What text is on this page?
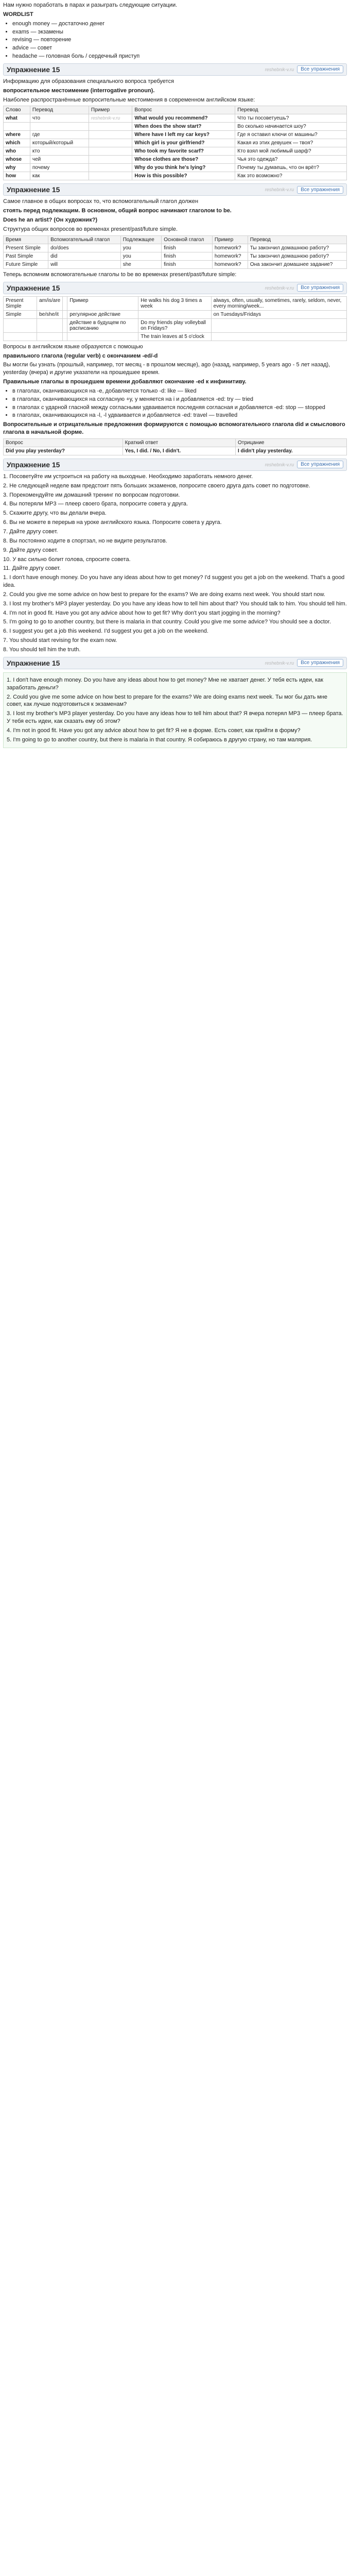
Нам нужно поработать в парах и разыграть следующие ситуации.

WORDLIST

• enough money — достаточно денег
• exams — экзамены
• revising — повторение
• advice — совет
• headache — головная боль / сердечный приступ
Упражнение 15	reshebnik-v.ru	Все упражнения

Информацию для образования специального вопроса требуется

вопросительное местоимение (interrogative pronoun).

Наиболее распространённые вопросительные местоимения в современном английском языке:

Слово	Перевод	Пример	Вопрос	Перевод
what	что	reshebnik-v.ru	What would you recommend?	Что ты посоветуешь?
			When does the show start?	Во сколько начинается шоу?
where	где		Where have I left my car keys?	Где я оставил ключи от машины?
which	который/который		Which girl is your girlfriend?	Какая из этих девушек — твоя?
who	кто		Who took my favorite scarf?	Кто взял мой любимый шарф?
whose	чей		Whose clothes are those?	Чья это одежда?
why	почему		Why do you think he's lying?	Почему ты думаешь, что он врёт?
how	как		How is this possible?	Как это возможно?
Упражнение 15	reshebnik-v.ru	Все упражнения

Самое главное в общих вопросах то, что вспомогательный глагол должен

стоять перед подлежащим. В основном, общий вопрос начинают глаголом to be.

Does he an artist? (Он художник?)

Структура общих вопросов во временах present/past/future simple.

Время	Вспомогательный глагол	Подлежащее	Основной глагол	Пример	Перевод
Present Simple	do/does	you	finish	homework?	Ты закончил домашнюю работу?
Past Simple	did	you	finish	homework?	Ты закончил домашнюю работу?
Future Simple	will	she	finish	homework?	Она закончит домашнее задание?

Теперь вспомним вспомогательные глаголы to be во временах present/past/future simple:

Упражнение 15	reshebnik-v.ru	Все упражнения
Present Simple	am/is/are		Пример	He walks his dog 3 times a week	always, often, usually, sometimes, rarely, seldom, never, every morning/week...
Simple	be/she/it		регулярное действие		on Tuesdays/Fridays
			действие в будущем по расписанию	Do my friends play volleyball on Fridays?	
				The train leaves at 5 o'clock	

Вопросы в английском языке образуются с помощью

правильного глагола (regular verb) с окончанием -ed/-d

Вы могли бы узнать (прошлый, например, тот месяц - в прошлом месяце), ago (назад, например, 5 years ago - 5 лет назад), yesterday (вчера) и другие указатели на прошедшее время.

Правильные глаголы в прошедшем времени добавляют окончание -ed к инфинитиву.

• в глаголах, оканчивающихся на -е, добавляется только -d: like — liked
• в глаголах, оканчивающихся на согласную +у, у меняется на i и добавляется -ed: try — tried
• в глаголах с ударной гласной между согласными удваивается последняя согласная и добавляется -ed: stop — stopped
• в глаголах, оканчивающихся на -l, -l удваивается и добавляется -ed: travel — travelled

Вопросительные и отрицательные предложения формируются с помощью вспомогательного глагола did и смыслового глагола в начальной форме.

Вопрос	Краткий ответ	Отрицание
Did you play yesterday?	Yes, I did. / No, I didn't.	I didn't play yesterday.
Упражнение 15	reshebnik-v.ru	Все упражнения

1. Посоветуйте им устроиться на работу на выходные. Необходимо заработать немного денег.

2. Не следующей неделе вам предстоит пять больших экзаменов, попросите своего друга дать совет по подготовке.

3. Порекомендуйте им домашний тренинг по вопросам подготовки.

4. Вы потеряли MP3 — плеер своего брата, попросите совета у друга.

5. Скажите другу, что вы делали вчера.

6. Вы не можете в перерыв на уроке английского языка. Попросите совета у друга.

7. Дайте другу совет.

8. Вы постоянно ходите в спортзал, но не видите результатов.

9. Дайте другу совет.

10. У вас сильно болит голова, спросите совета.

11. Дайте другу совет.

1. I don't have enough money. Do you have any ideas about how to get money? I'd suggest you get a job on the weekend. That's a good idea.

2. Could you give me some advice on how best to prepare for the exams? We are doing exams next week. You should start now.

3. I lost my brother's MP3 player yesterday. Do you have any ideas how to tell him about that? You should talk to him. You should tell him.

4. I'm not in good fit. Have you got any advice about how to get fit? Why don't you start jogging in the morning?

5. I'm going to go to another country, but there is malaria in that country. Could you give me some advice? You should see a doctor.

6. I suggest you get a job this weekend. I'd suggest you get a job on the weekend.

7. You should start revising for the exam now.

8. You should tell him the truth.

Упражнение 15	reshebnik-v.ru	Все упражнения

1. I don't have enough money. Do you have any ideas about how to get money? Мне не хватает денег. У тебя есть идеи, как заработать деньги?

2. Could you give me some advice on how best to prepare for the exams? We are doing exams next week. Ты мог бы дать мне совет, как лучше подготовиться к экзаменам?

3. I lost my brother's MP3 player yesterday. Do you have any ideas how to tell him about that? Я вчера потерял MP3 — плеер брата. У тебя есть идеи, как сказать ему об этом?

4. I'm not in good fit. Have you got any advice about how to get fit? Я не в форме. Есть совет, как прийти в форму?

5. I'm going to go to another country, but there is malaria in that country. Я собираюсь в другую страну, но там малярия.
